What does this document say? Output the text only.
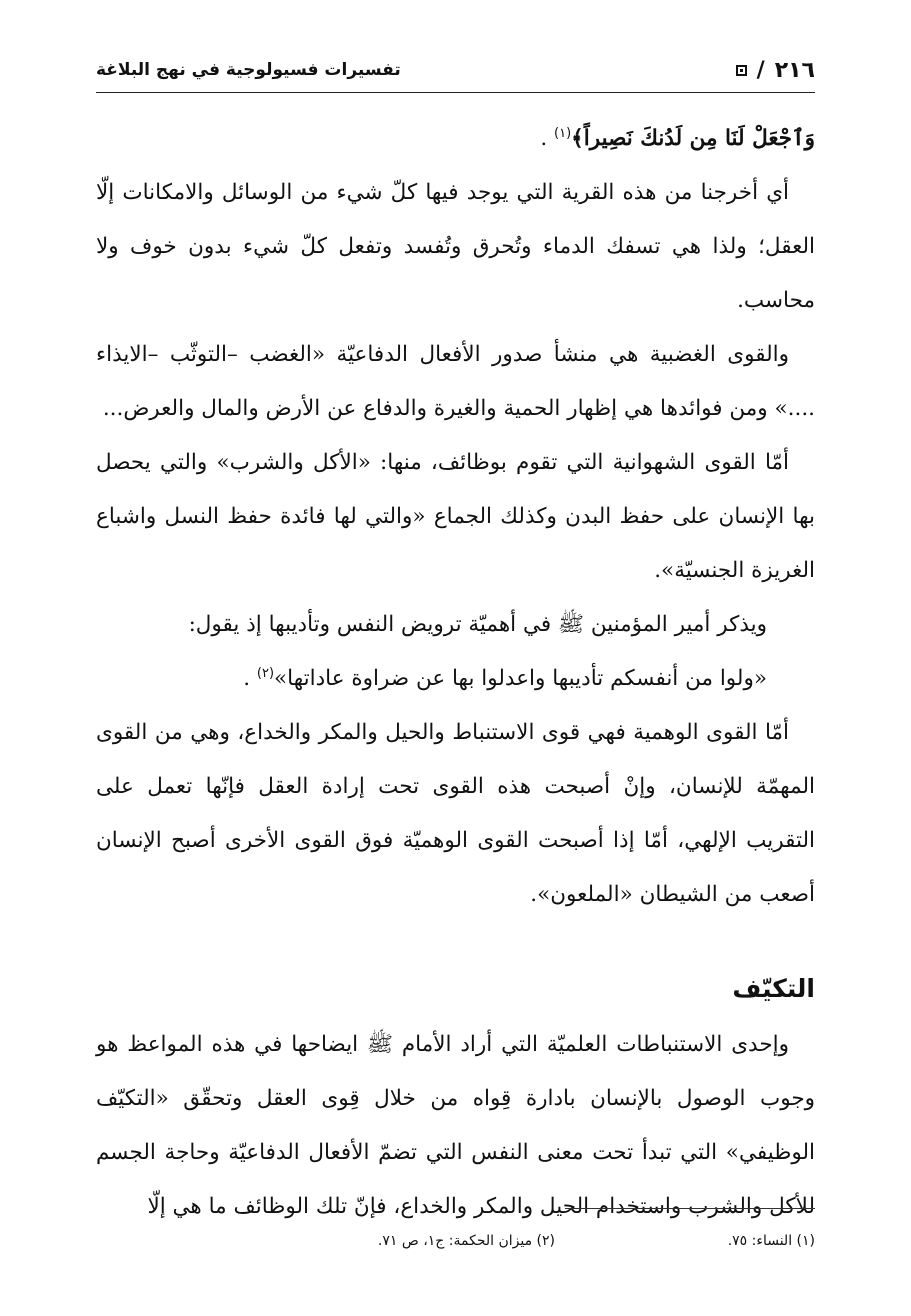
٢١٦
/
تفسيرات فسيولوجية في نهج البلاغة

وَٱجْعَلْ لَنَا مِن لَدُنكَ نَصِيراً﴾$^{(١)}$ .

أي أخرجنا من هذه القرية التي يوجد فيها كلّ شيء من الوسائل والامكانات إلّا العقل؛ ولذا هي تسفك الدماء وتُحرق وتُفسد وتفعل كلّ شيء بدون خوف ولا محاسب.

والقوى الغضبية هي منشأ صدور الأفعال الدفاعيّة «الغضب –التوثّب –الايذاء ....» ومن فوائدها هي إظهار الحمية والغيرة والدفاع عن الأرض والمال والعرض...

أمّا القوى الشهوانية التي تقوم بوظائف، منها: «الأكل والشرب» والتي يحصل بها الإنسان على حفظ البدن وكذلك الجماع «والتي لها فائدة حفظ النسل واشباع الغريزة الجنسيّة».

ويذكر أمير المؤمنين ﷺ في أهميّة ترويض النفس وتأديبها إذ يقول:

«ولوا من أنفسكم تأديبها واعدلوا بها عن ضراوة عاداتها»$^{(٢)}$ .

أمّا القوى الوهمية فهي قوى الاستنباط والحيل والمكر والخداع، وهي من القوى المهمّة للإنسان، وإنْ أصبحت هذه القوى تحت إرادة العقل فإنّها تعمل على التقريب الإلهي، أمّا إذا أصبحت القوى الوهميّة فوق القوى الأخرى أصبح الإنسان أصعب من الشيطان «الملعون».

التكيّف

وإحدى الاستنباطات العلميّة التي أراد الأمام ﷺ ايضاحها في هذه المواعظ هو وجوب الوصول بالإنسان بادارة قِواه من خلال قِوى العقل وتحقّق «التكيّف الوظيفي» التي تبدأ تحت معنى النفس التي تضمّ الأفعال الدفاعيّة وحاجة الجسم للأكل والشرب واستخدام الحيل والمكر والخداع، فإنّ تلك الوظائف ما هي إلّا

(١) النساء: ٧٥.
(٢) ميزان الحكمة: ج١، ص ٧١.
